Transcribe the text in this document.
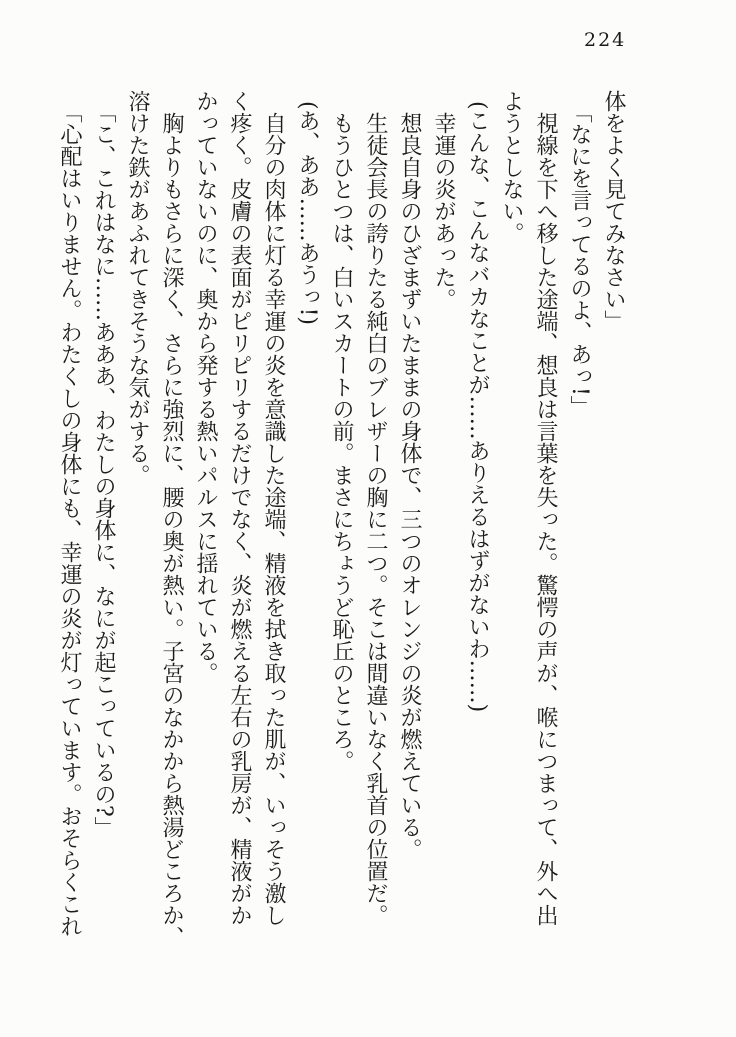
224

体をよく見てみなさい」

「なにを言ってるのよ、あっ!」

視線を下へ移した途端、想良は言葉を失った。驚愕の声が、喉につまって、外へ出

ようとしない。

(こんな、こんなバカなことが……ありえるはずがないわ……)

幸運の炎があった。

想良自身のひざまずいたままの身体で、三つのオレンジの炎が燃えている。

生徒会長の誇りたる純白のブレザーの胸に二つ。そこは間違いなく乳首の位置だ。

もうひとつは、白いスカートの前。まさにちょうど恥丘のところ。

(あ、ああ……あうっ!)

自分の肉体に灯る幸運の炎を意識した途端、精液を拭き取った肌が、いっそう激し

く疼く。皮膚の表面がピリピリするだけでなく、炎が燃える左右の乳房が、精液がか

かっていないのに、奥から発する熱いパルスに揺れている。

胸よりもさらに深く、さらに強烈に、腰の奥が熱い。子宮のなかから熱湯どころか、

溶けた鉄があふれてきそうな気がする。

「こ、これはなに……あああ、わたしの身体に、なにが起こっているの?」

「心配はいりません。わたくしの身体にも、幸運の炎が灯っています。おそらくこれ
